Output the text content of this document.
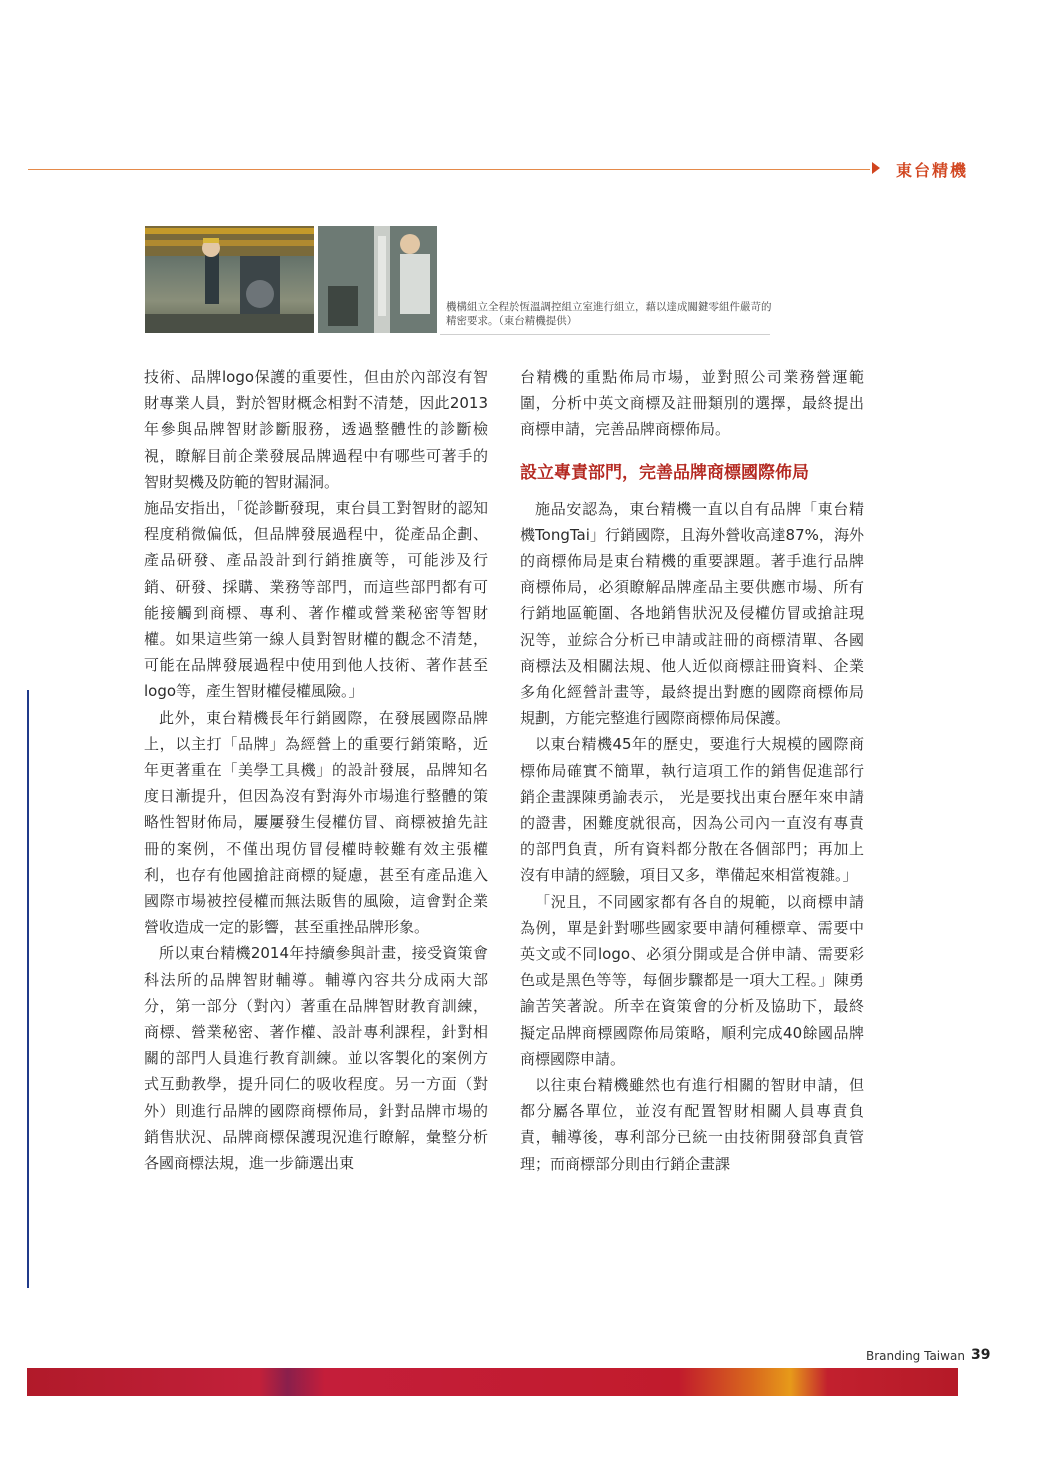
東台精機
機構組立全程於恆溫調控組立室進行組立，藉以達成關鍵零組件嚴苛的精密要求。（東台精機提供）

技術、品牌logo保護的重要性，但由於內部沒有智財專業人員，對於智財概念相對不清楚，因此2013年參與品牌智財診斷服務，透過整體性的診斷檢視，瞭解目前企業發展品牌過程中有哪些可著手的智財契機及防範的智財漏洞。

施品安指出，「從診斷發現，東台員工對智財的認知程度稍微偏低，但品牌發展過程中，從產品企劃、產品研發、產品設計到行銷推廣等，可能涉及行銷、研發、採購、業務等部門，而這些部門都有可能接觸到商標、專利、著作權或營業秘密等智財權。如果這些第一線人員對智財權的觀念不清楚，可能在品牌發展過程中使用到他人技術、著作甚至logo等，產生智財權侵權風險。」

此外，東台精機長年行銷國際，在發展國際品牌上，以主打「品牌」為經營上的重要行銷策略，近年更著重在「美學工具機」的設計發展，品牌知名度日漸提升，但因為沒有對海外市場進行整體的策略性智財佈局，屢屢發生侵權仿冒、商標被搶先註冊的案例，不僅出現仿冒侵權時較難有效主張權利，也存有他國搶註商標的疑慮，甚至有產品進入國際市場被控侵權而無法販售的風險，這會對企業營收造成一定的影響，甚至重挫品牌形象。

所以東台精機2014年持續參與計畫，接受資策會科法所的品牌智財輔導。輔導內容共分成兩大部分，第一部分（對內）著重在品牌智財教育訓練，商標、營業秘密、著作權、設計專利課程，針對相關的部門人員進行教育訓練。並以客製化的案例方式互動教學，提升同仁的吸收程度。另一方面（對外）則進行品牌的國際商標佈局，針對品牌市場的銷售狀況、品牌商標保護現況進行瞭解，彙整分析各國商標法規，進一步篩選出東

台精機的重點佈局市場，並對照公司業務營運範圍，分析中英文商標及註冊類別的選擇，最終提出商標申請，完善品牌商標佈局。

設立專責部門，完善品牌商標國際佈局

施品安認為，東台精機一直以自有品牌「東台精機TongTai」行銷國際，且海外營收高達87%，海外的商標佈局是東台精機的重要課題。著手進行品牌商標佈局，必須瞭解品牌產品主要供應市場、所有行銷地區範圍、各地銷售狀況及侵權仿冒或搶註現況等，並綜合分析已申請或註冊的商標清單、各國商標法及相關法規、他人近似商標註冊資料、企業多角化經營計畫等，最終提出對應的國際商標佈局規劃，方能完整進行國際商標佈局保護。

以東台精機45年的歷史，要進行大規模的國際商標佈局確實不簡單，執行這項工作的銷售促進部行銷企畫課陳勇諭表示， 光是要找出東台歷年來申請的證書，困難度就很高，因為公司內一直沒有專責的部門負責，所有資料都分散在各個部門；再加上沒有申請的經驗，項目又多，準備起來相當複雜。」

「況且，不同國家都有各自的規範，以商標申請為例，單是針對哪些國家要申請何種標章、需要中英文或不同logo、必須分開或是合併申請、需要彩色或是黑色等等，每個步驟都是一項大工程。」陳勇諭苦笑著說。所幸在資策會的分析及協助下，最終擬定品牌商標國際佈局策略，順利完成40餘國品牌商標國際申請。

以往東台精機雖然也有進行相關的智財申請，但都分屬各單位，並沒有配置智財相關人員專責負責，輔導後，專利部分已統一由技術開發部負責管理；而商標部分則由行銷企畫課

Branding Taiwan 39
